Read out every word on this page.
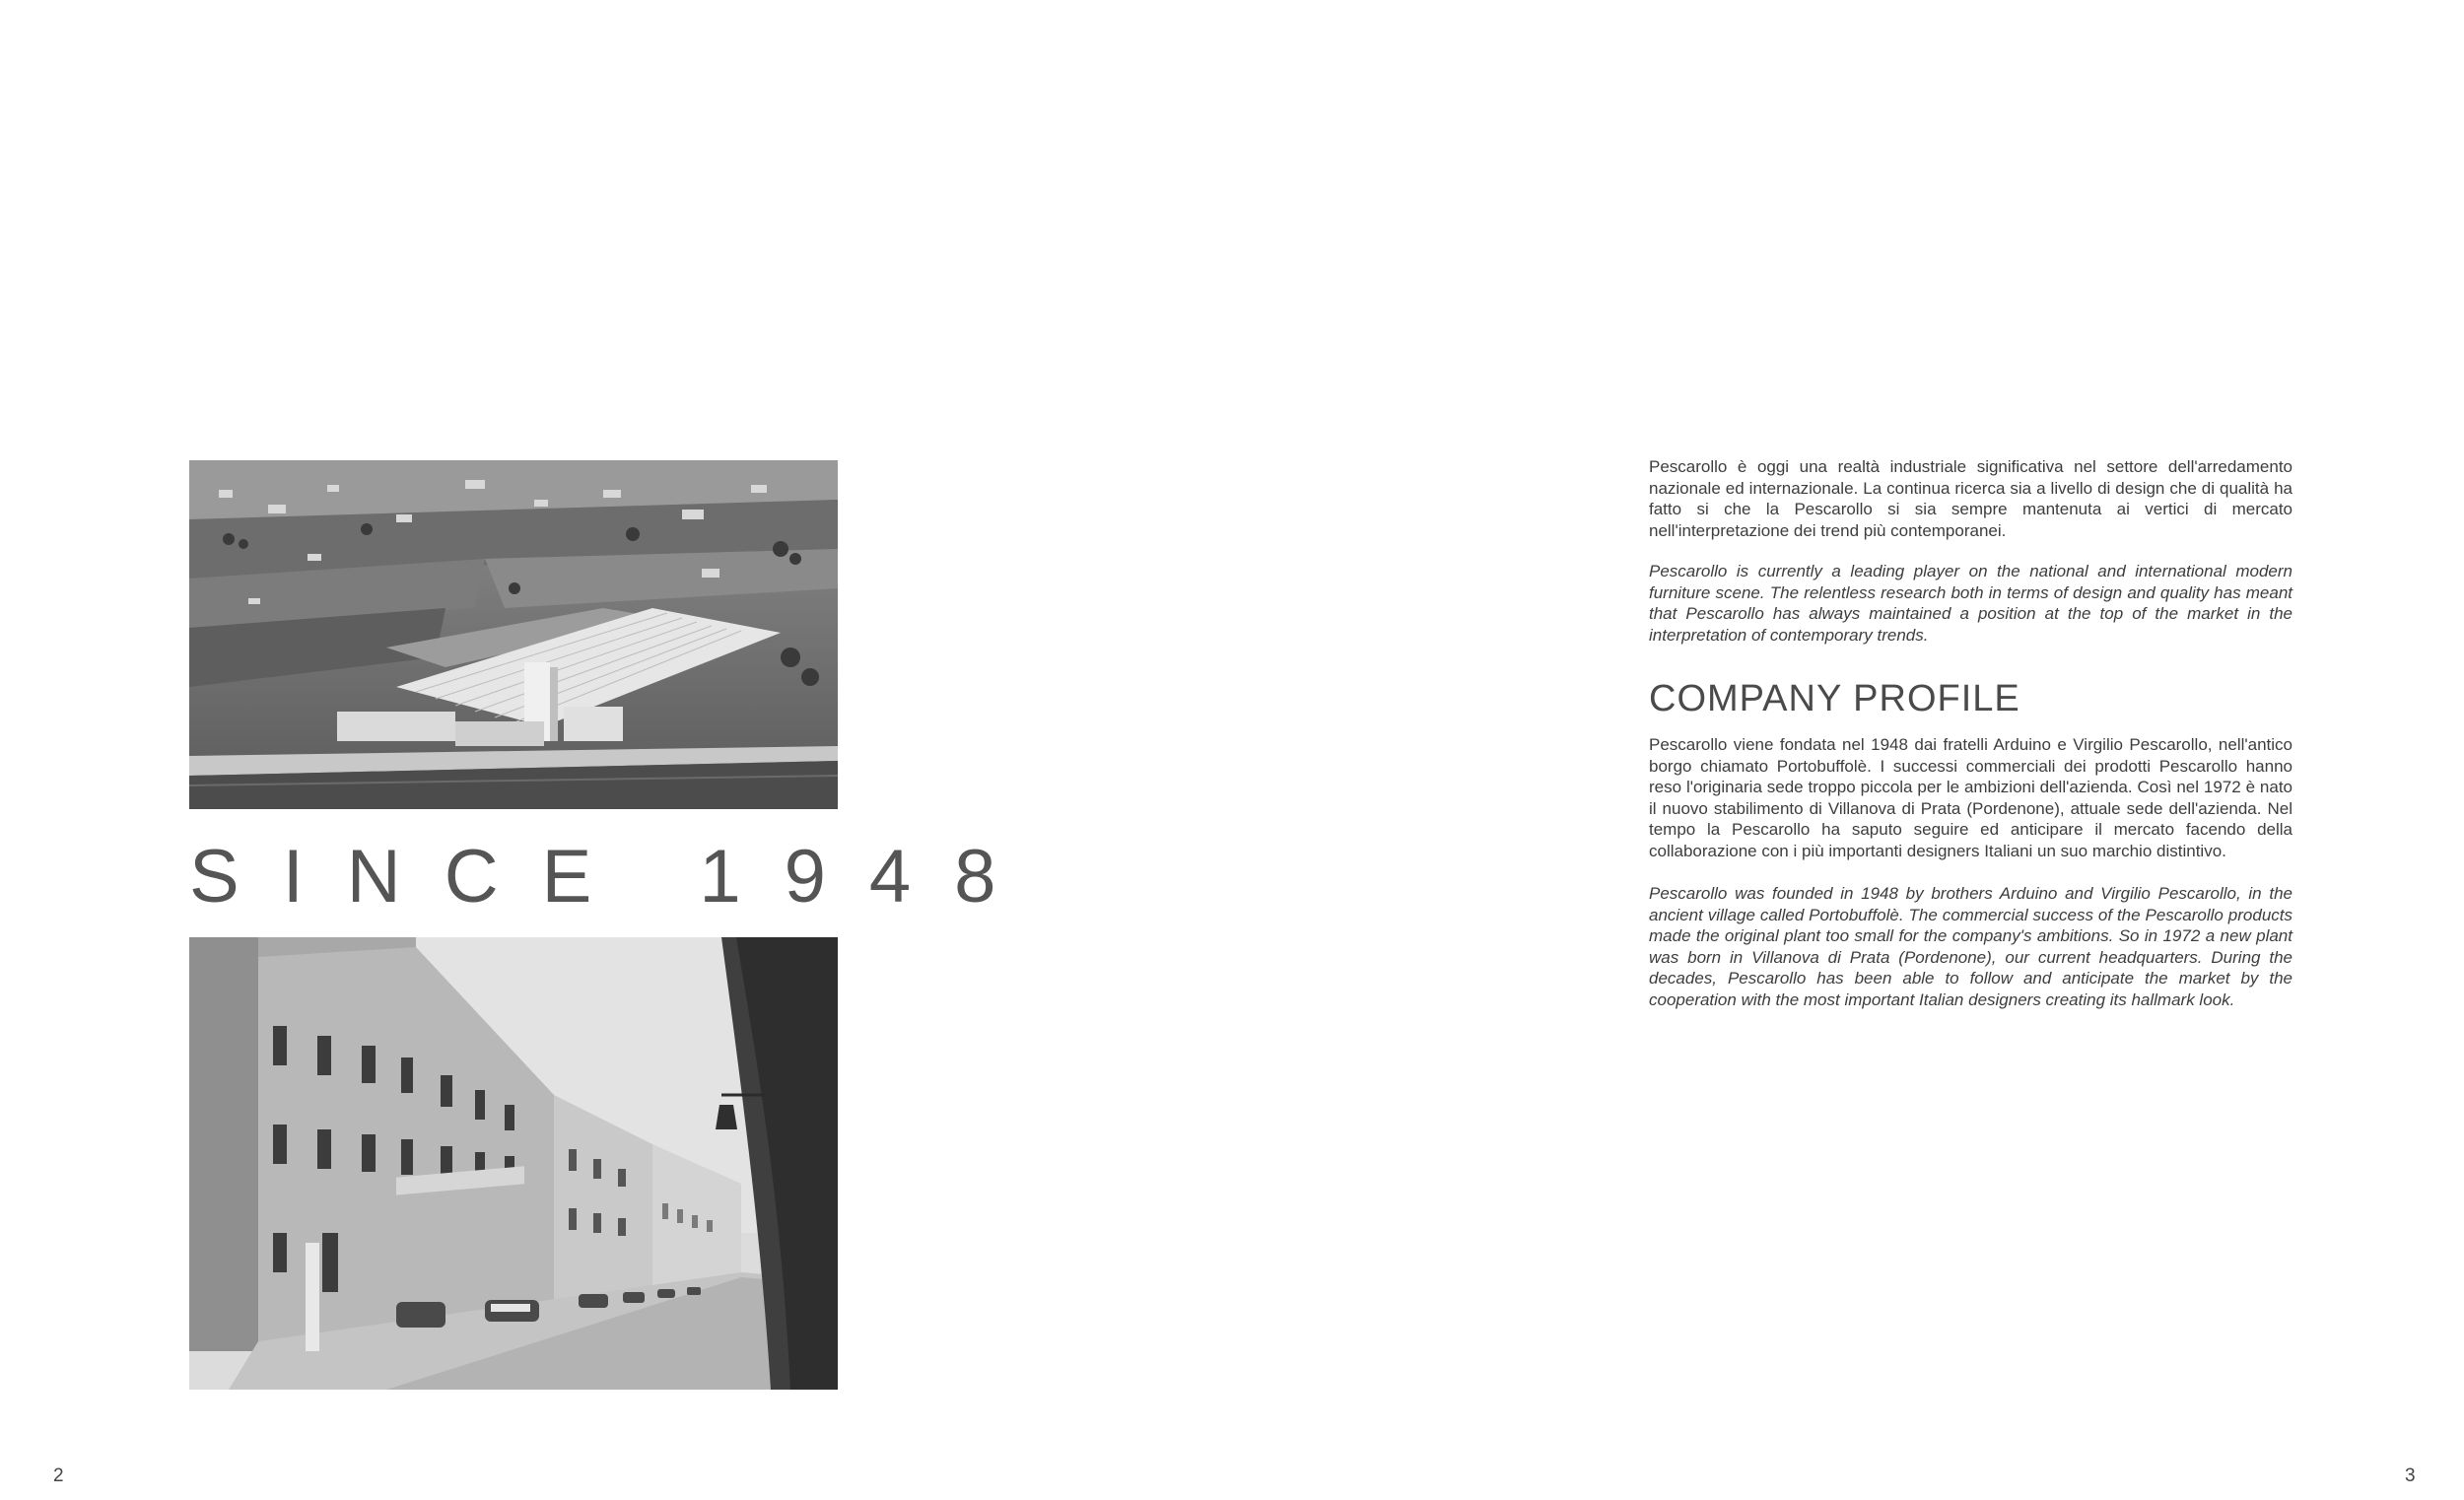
SINCE 1948
2

Pescarollo è oggi una realtà industriale significativa nel settore dell'arredamento nazionale ed internazionale. La continua ricerca sia a livello di design che di qualità ha fatto si che la Pescarollo si sia sempre mantenuta ai vertici di mercato nell'interpretazione dei trend più contemporanei.

Pescarollo is currently a leading player on the national and international modern furniture scene. The relentless research both in terms of design and quality has meant that Pescarollo has always maintained a position at the top of the market in the interpretation of contemporary trends.

COMPANY PROFILE

Pescarollo viene fondata nel 1948 dai fratelli Arduino e Virgilio Pescarollo, nell'antico borgo chiamato Portobuffolè. I successi commerciali dei prodotti Pescarollo hanno reso l'originaria sede troppo piccola per le ambizioni dell'azienda. Così nel 1972 è nato il nuovo stabilimento di Villanova di Prata (Pordenone), attuale sede dell'azienda. Nel tempo la Pescarollo ha saputo seguire ed anticipare il mercato facendo della collaborazione con i più importanti designers Italiani un suo marchio distintivo.

Pescarollo was founded in 1948 by brothers Arduino and Virgilio Pescarollo, in the ancient village called Portobuffolè. The commercial success of the Pescarollo products made the original plant too small for the company's ambitions. So in 1972 a new plant was born in Villanova di Prata (Pordenone), our current headquarters. During the decades, Pescarollo has been able to follow and anticipate the market by the cooperation with the most important Italian designers creating its hallmark look.

3
